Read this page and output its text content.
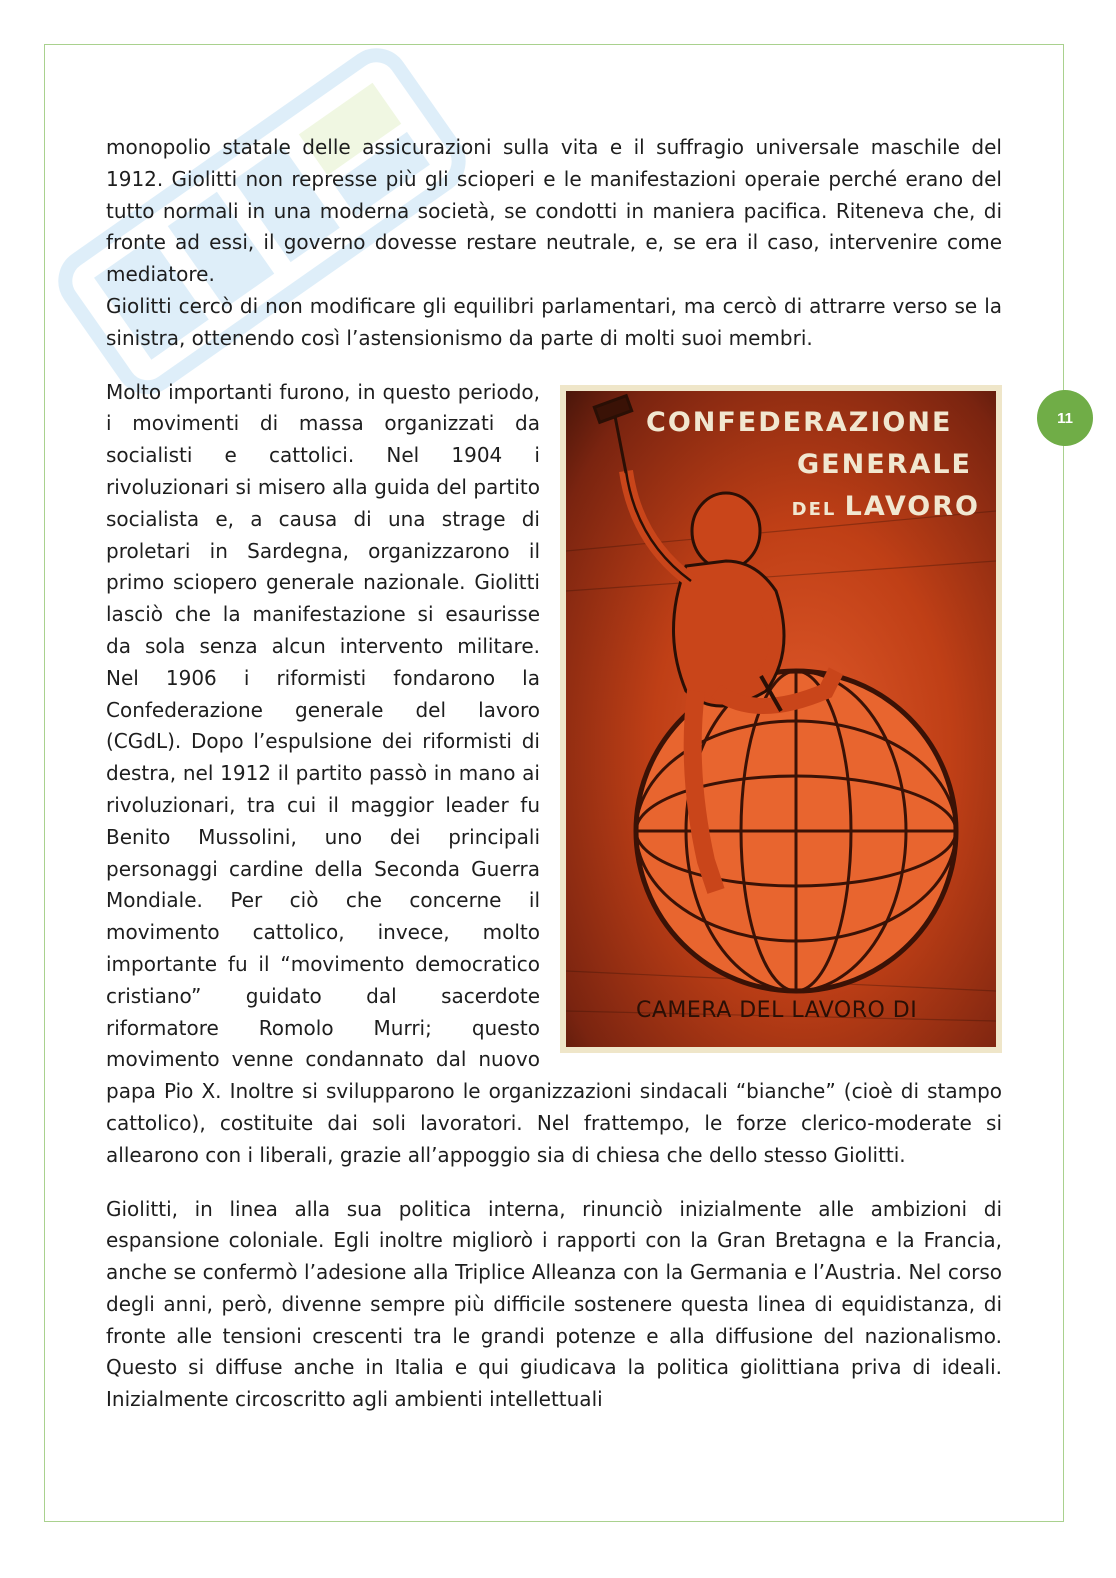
11

monopolio statale delle assicurazioni sulla vita e il suffragio universale maschile del 1912. Giolitti non represse più gli scioperi e le manifestazioni operaie perché erano del tutto normali in una moderna società, se condotti in maniera pacifica. Riteneva che, di fronte ad essi, il governo dovesse restare neutrale, e, se era il caso, intervenire come mediatore.

Giolitti cercò di non modificare gli equilibri parlamentari, ma cercò di attrarre verso se la sinistra, ottenendo così l’astensionismo da parte di molti suoi membri.

CONFEDERAZIONE
GENERALE
DEL LAVORO
CAMERA DEL LAVORO DI

Molto importanti furono, in questo periodo, i movimenti di massa organizzati da socialisti e cattolici. Nel 1904 i rivoluzionari si misero alla guida del partito socialista e, a causa di una strage di proletari in Sardegna, organizzarono il primo sciopero generale nazionale. Giolitti lasciò che la manifestazione si esaurisse da sola senza alcun intervento militare. Nel 1906 i riformisti fondarono la Confederazione generale del lavoro (CGdL). Dopo l’espulsione dei riformisti di destra, nel 1912 il partito passò in mano ai rivoluzionari, tra cui il maggior leader fu Benito Mussolini, uno dei principali personaggi cardine della Seconda Guerra Mondiale. Per ciò che concerne il movimento cattolico, invece, molto importante fu il “movimento democratico cristiano” guidato dal sacerdote riformatore Romolo Murri; questo movimento venne condannato dal nuovo papa Pio X. Inoltre si svilupparono le organizzazioni sindacali “bianche” (cioè di stampo cattolico), costituite dai soli lavoratori. Nel frattempo, le forze clerico-moderate si allearono con i liberali, grazie all’appoggio sia di chiesa che dello stesso Giolitti.

Giolitti, in linea alla sua politica interna, rinunciò inizialmente alle ambizioni di espansione coloniale. Egli inoltre migliorò i rapporti con la Gran Bretagna e la Francia, anche se confermò l’adesione alla Triplice Alleanza con la Germania e l’Austria. Nel corso degli anni, però, divenne sempre più difficile sostenere questa linea di equidistanza, di fronte alle tensioni crescenti tra le grandi potenze e alla diffusione del nazionalismo. Questo si diffuse anche in Italia e qui giudicava la politica giolittiana priva di ideali. Inizialmente circoscritto agli ambienti intellettuali
